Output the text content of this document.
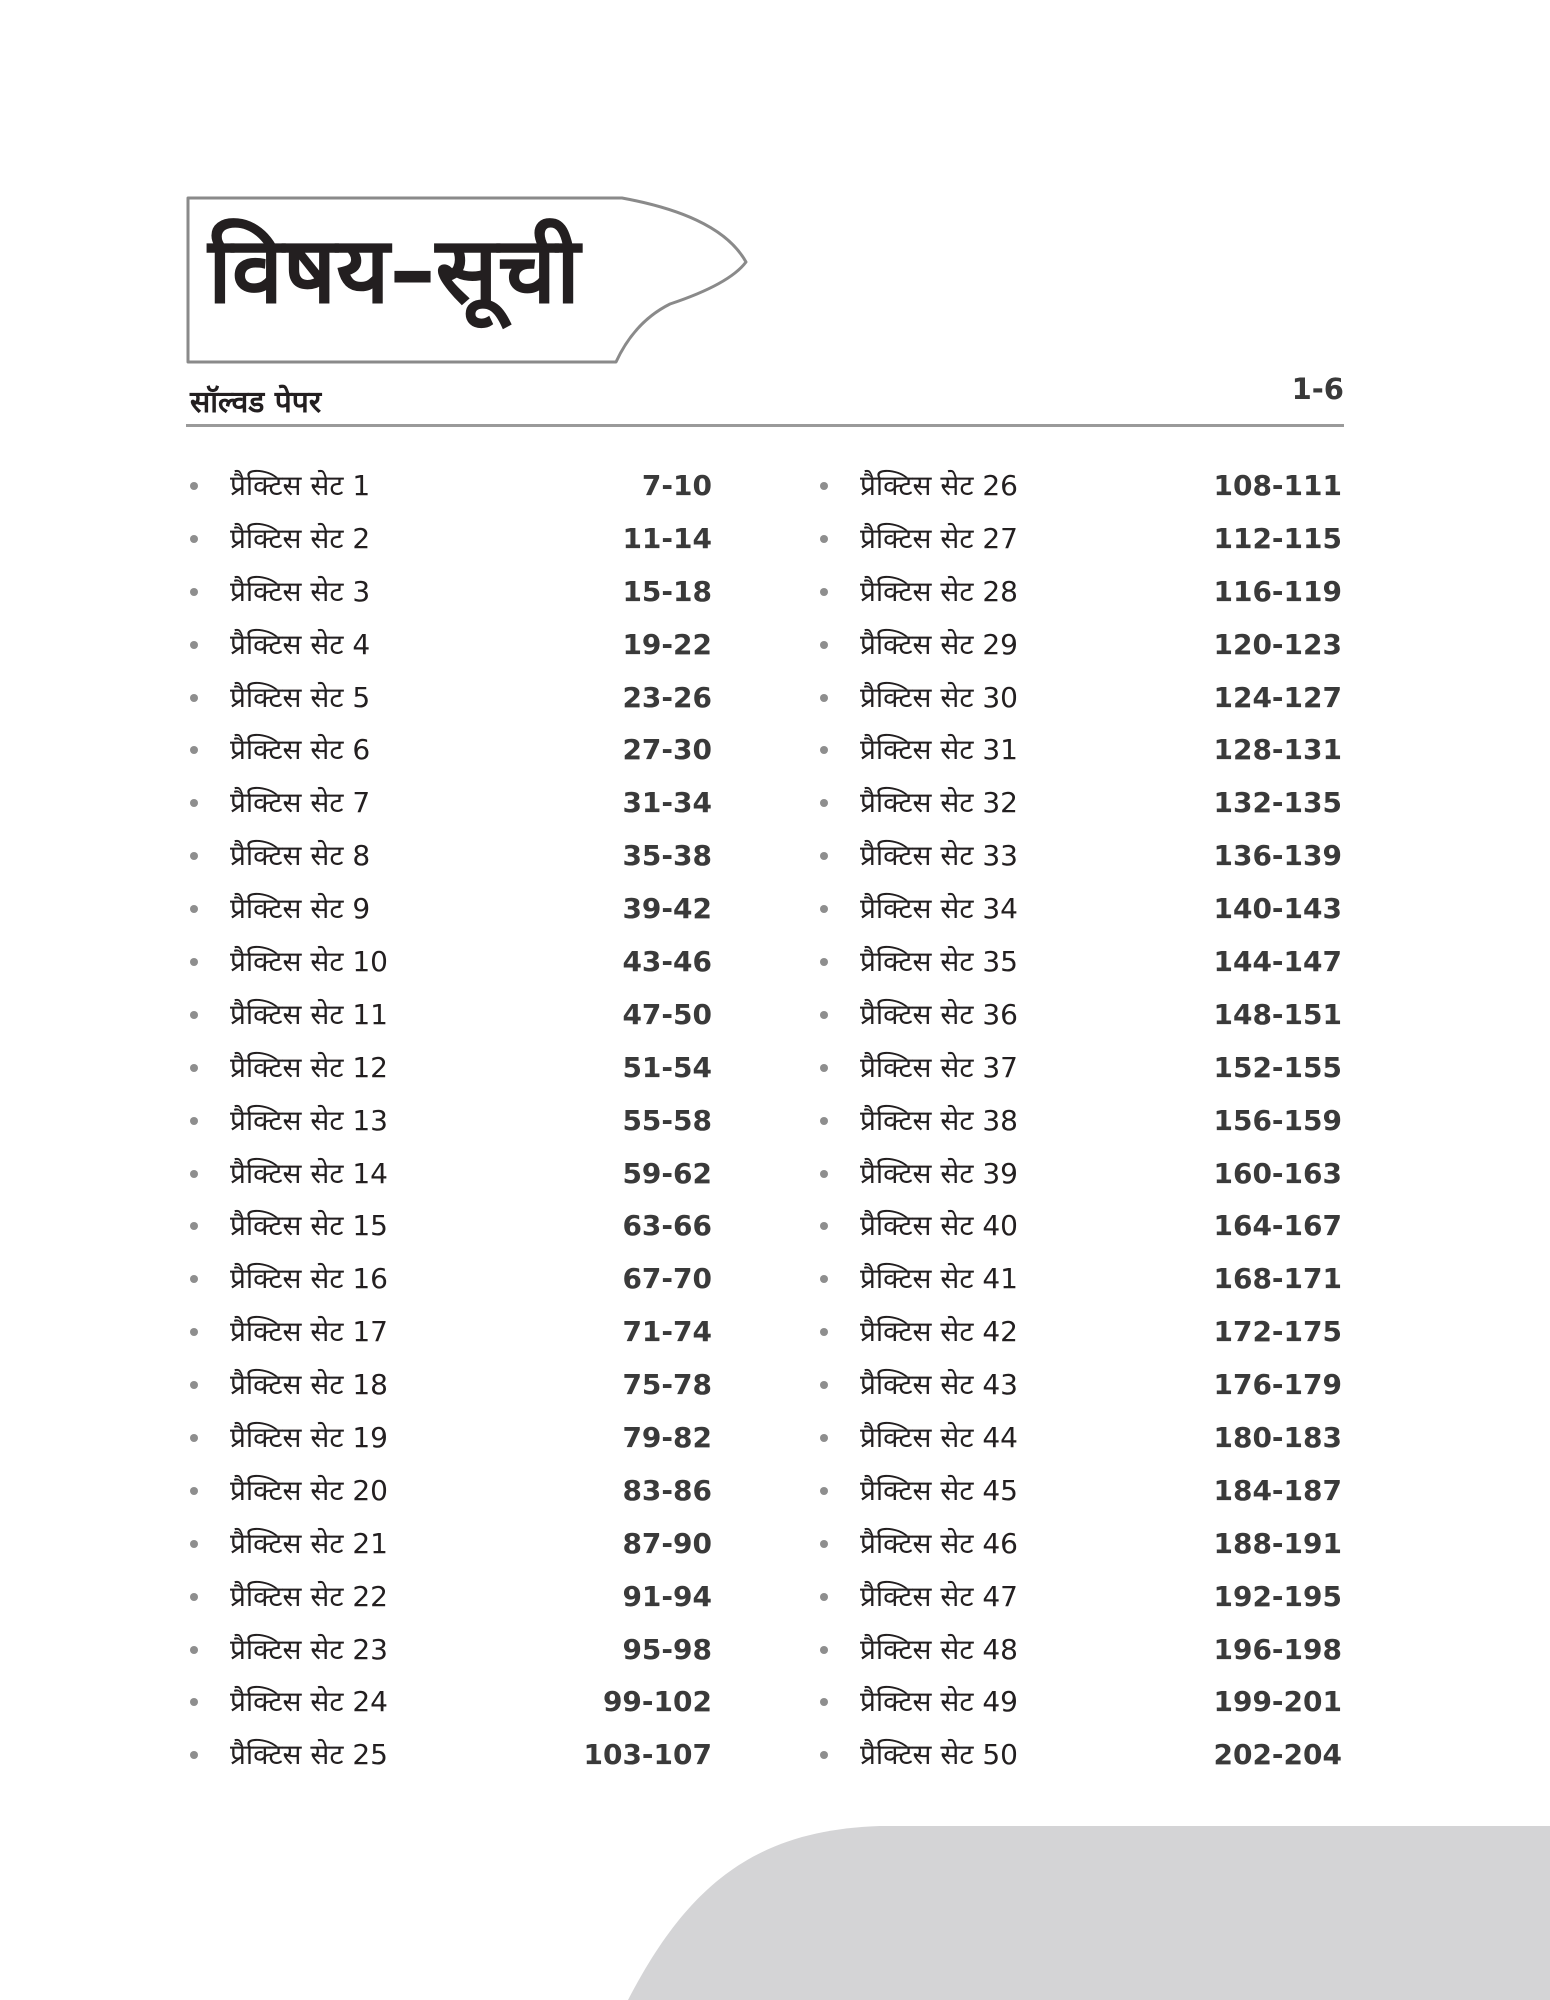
विषय–सूची
सॉल्वड पेपर	1-6
प्रैक्टिस सेट 1	7-10
प्रैक्टिस सेट 2	11-14
प्रैक्टिस सेट 3	15-18
प्रैक्टिस सेट 4	19-22
प्रैक्टिस सेट 5	23-26
प्रैक्टिस सेट 6	27-30
प्रैक्टिस सेट 7	31-34
प्रैक्टिस सेट 8	35-38
प्रैक्टिस सेट 9	39-42
प्रैक्टिस सेट 10	43-46
प्रैक्टिस सेट 11	47-50
प्रैक्टिस सेट 12	51-54
प्रैक्टिस सेट 13	55-58
प्रैक्टिस सेट 14	59-62
प्रैक्टिस सेट 15	63-66
प्रैक्टिस सेट 16	67-70
प्रैक्टिस सेट 17	71-74
प्रैक्टिस सेट 18	75-78
प्रैक्टिस सेट 19	79-82
प्रैक्टिस सेट 20	83-86
प्रैक्टिस सेट 21	87-90
प्रैक्टिस सेट 22	91-94
प्रैक्टिस सेट 23	95-98
प्रैक्टिस सेट 24	99-102
प्रैक्टिस सेट 25	103-107
प्रैक्टिस सेट 26	108-111
प्रैक्टिस सेट 27	112-115
प्रैक्टिस सेट 28	116-119
प्रैक्टिस सेट 29	120-123
प्रैक्टिस सेट 30	124-127
प्रैक्टिस सेट 31	128-131
प्रैक्टिस सेट 32	132-135
प्रैक्टिस सेट 33	136-139
प्रैक्टिस सेट 34	140-143
प्रैक्टिस सेट 35	144-147
प्रैक्टिस सेट 36	148-151
प्रैक्टिस सेट 37	152-155
प्रैक्टिस सेट 38	156-159
प्रैक्टिस सेट 39	160-163
प्रैक्टिस सेट 40	164-167
प्रैक्टिस सेट 41	168-171
प्रैक्टिस सेट 42	172-175
प्रैक्टिस सेट 43	176-179
प्रैक्टिस सेट 44	180-183
प्रैक्टिस सेट 45	184-187
प्रैक्टिस सेट 46	188-191
प्रैक्टिस सेट 47	192-195
प्रैक्टिस सेट 48	196-198
प्रैक्टिस सेट 49	199-201
प्रैक्टिस सेट 50	202-204
